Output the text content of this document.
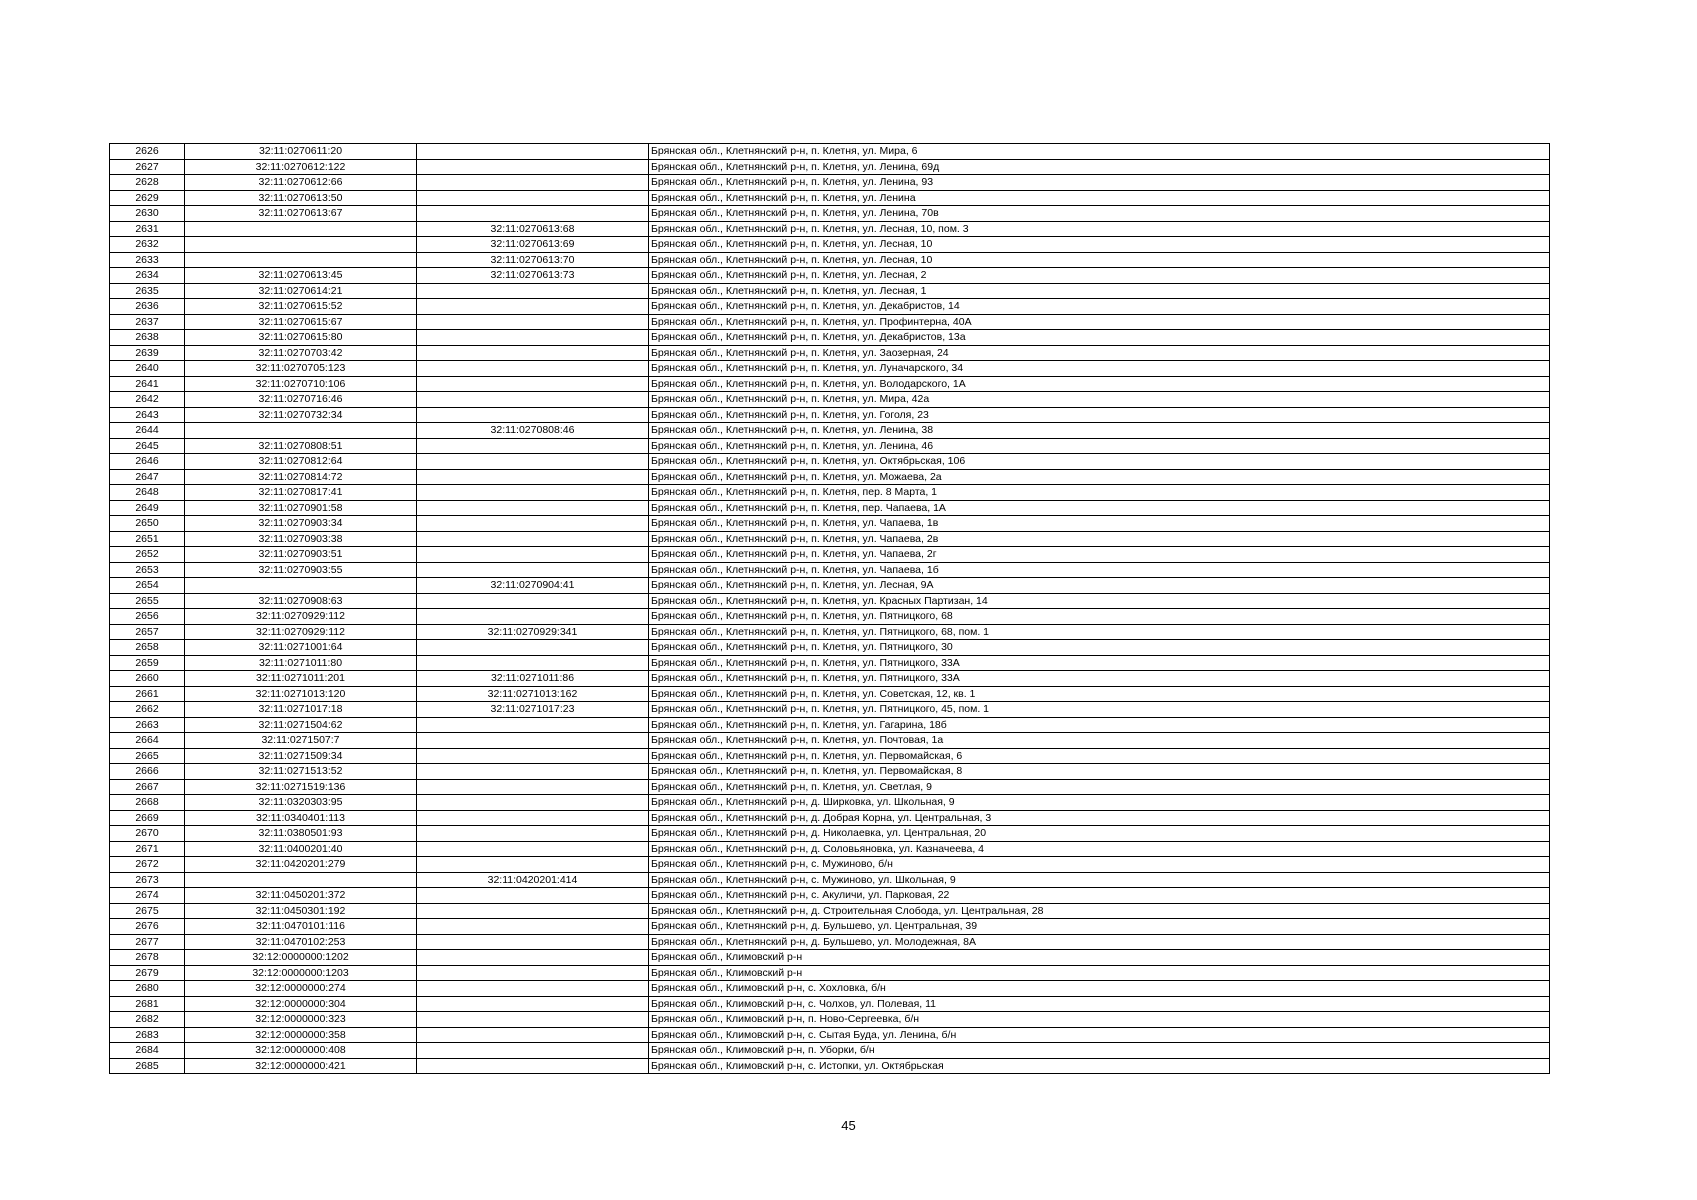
2626	32:11:0270611:20		Брянская обл., Клетнянский р-н, п. Клетня, ул. Мира, 6
2627	32:11:0270612:122		Брянская обл., Клетнянский р-н, п. Клетня, ул. Ленина, 69д
2628	32:11:0270612:66		Брянская обл., Клетнянский р-н, п. Клетня, ул. Ленина, 93
2629	32:11:0270613:50		Брянская обл., Клетнянский р-н, п. Клетня, ул. Ленина
2630	32:11:0270613:67		Брянская обл., Клетнянский р-н, п. Клетня, ул. Ленина, 70в
2631		32:11:0270613:68	Брянская обл., Клетнянский р-н, п. Клетня, ул. Лесная, 10, пом. 3
2632		32:11:0270613:69	Брянская обл., Клетнянский р-н, п. Клетня, ул. Лесная, 10
2633		32:11:0270613:70	Брянская обл., Клетнянский р-н, п. Клетня, ул. Лесная, 10
2634	32:11:0270613:45	32:11:0270613:73	Брянская обл., Клетнянский р-н, п. Клетня, ул. Лесная, 2
2635	32:11:0270614:21		Брянская обл., Клетнянский р-н, п. Клетня, ул. Лесная, 1
2636	32:11:0270615:52		Брянская обл., Клетнянский р-н, п. Клетня, ул. Декабристов, 14
2637	32:11:0270615:67		Брянская обл., Клетнянский р-н, п. Клетня, ул. Профинтерна, 40А
2638	32:11:0270615:80		Брянская обл., Клетнянский р-н, п. Клетня, ул. Декабристов, 13а
2639	32:11:0270703:42		Брянская обл., Клетнянский р-н, п. Клетня, ул. Заозерная, 24
2640	32:11:0270705:123		Брянская обл., Клетнянский р-н, п. Клетня, ул. Луначарского, 34
2641	32:11:0270710:106		Брянская обл., Клетнянский р-н, п. Клетня, ул. Володарского, 1А
2642	32:11:0270716:46		Брянская обл., Клетнянский р-н, п. Клетня, ул. Мира, 42а
2643	32:11:0270732:34		Брянская обл., Клетнянский р-н, п. Клетня, ул. Гоголя, 23
2644		32:11:0270808:46	Брянская обл., Клетнянский р-н, п. Клетня, ул. Ленина, 38
2645	32:11:0270808:51		Брянская обл., Клетнянский р-н, п. Клетня, ул. Ленина, 46
2646	32:11:0270812:64		Брянская обл., Клетнянский р-н, п. Клетня, ул. Октябрьская, 106
2647	32:11:0270814:72		Брянская обл., Клетнянский р-н, п. Клетня, ул. Можаева, 2а
2648	32:11:0270817:41		Брянская обл., Клетнянский р-н, п. Клетня, пер. 8 Марта, 1
2649	32:11:0270901:58		Брянская обл., Клетнянский р-н, п. Клетня, пер. Чапаева, 1А
2650	32:11:0270903:34		Брянская обл., Клетнянский р-н, п. Клетня, ул. Чапаева, 1в
2651	32:11:0270903:38		Брянская обл., Клетнянский р-н, п. Клетня, ул. Чапаева, 2в
2652	32:11:0270903:51		Брянская обл., Клетнянский р-н, п. Клетня, ул. Чапаева, 2г
2653	32:11:0270903:55		Брянская обл., Клетнянский р-н, п. Клетня, ул. Чапаева, 1б
2654		32:11:0270904:41	Брянская обл., Клетнянский р-н, п. Клетня, ул. Лесная, 9А
2655	32:11:0270908:63		Брянская обл., Клетнянский р-н, п. Клетня, ул. Красных Партизан, 14
2656	32:11:0270929:112		Брянская обл., Клетнянский р-н, п. Клетня, ул. Пятницкого, 68
2657	32:11:0270929:112	32:11:0270929:341	Брянская обл., Клетнянский р-н, п. Клетня, ул. Пятницкого, 68, пом. 1
2658	32:11:0271001:64		Брянская обл., Клетнянский р-н, п. Клетня, ул. Пятницкого, 30
2659	32:11:0271011:80		Брянская обл., Клетнянский р-н, п. Клетня, ул. Пятницкого, 33А
2660	32:11:0271011:201	32:11:0271011:86	Брянская обл., Клетнянский р-н, п. Клетня, ул. Пятницкого, 33А
2661	32:11:0271013:120	32:11:0271013:162	Брянская обл., Клетнянский р-н, п. Клетня, ул. Советская, 12, кв. 1
2662	32:11:0271017:18	32:11:0271017:23	Брянская обл., Клетнянский р-н, п. Клетня, ул. Пятницкого, 45, пом. 1
2663	32:11:0271504:62		Брянская обл., Клетнянский р-н, п. Клетня, ул. Гагарина, 18б
2664	32:11:0271507:7		Брянская обл., Клетнянский р-н, п. Клетня, ул. Почтовая, 1а
2665	32:11:0271509:34		Брянская обл., Клетнянский р-н, п. Клетня, ул. Первомайская, 6
2666	32:11:0271513:52		Брянская обл., Клетнянский р-н, п. Клетня, ул. Первомайская, 8
2667	32:11:0271519:136		Брянская обл., Клетнянский р-н, п. Клетня, ул. Светлая, 9
2668	32:11:0320303:95		Брянская обл., Клетнянский р-н, д. Ширковка, ул. Школьная, 9
2669	32:11:0340401:113		Брянская обл., Клетнянский р-н, д. Добрая Корна, ул. Центральная, 3
2670	32:11:0380501:93		Брянская обл., Клетнянский р-н, д. Николаевка, ул. Центральная, 20
2671	32:11:0400201:40		Брянская обл., Клетнянский р-н, д. Соловьяновка, ул. Казначеева, 4
2672	32:11:0420201:279		Брянская обл., Клетнянский р-н, с. Мужиново, б/н
2673		32:11:0420201:414	Брянская обл., Клетнянский р-н, с. Мужиново, ул. Школьная, 9
2674	32:11:0450201:372		Брянская обл., Клетнянский р-н, с. Акуличи, ул. Парковая, 22
2675	32:11:0450301:192		Брянская обл., Клетнянский р-н, д. Строительная Слобода, ул. Центральная, 28
2676	32:11:0470101:116		Брянская обл., Клетнянский р-н, д. Бульшево, ул. Центральная, 39
2677	32:11:0470102:253		Брянская обл., Клетнянский р-н, д. Бульшево, ул. Молодежная, 8А
2678	32:12:0000000:1202		Брянская обл., Климовский р-н
2679	32:12:0000000:1203		Брянская обл., Климовский р-н
2680	32:12:0000000:274		Брянская обл., Климовский р-н, с. Хохловка, б/н
2681	32:12:0000000:304		Брянская обл., Климовский р-н, с. Чолхов, ул. Полевая, 11
2682	32:12:0000000:323		Брянская обл., Климовский р-н, п. Ново-Сергеевка, б/н
2683	32:12:0000000:358		Брянская обл., Климовский р-н, с. Сытая Буда, ул. Ленина, б/н
2684	32:12:0000000:408		Брянская обл., Климовский р-н, п. Уборки, б/н
2685	32:12:0000000:421		Брянская обл., Климовский р-н, с. Истопки, ул. Октябрьская
45
